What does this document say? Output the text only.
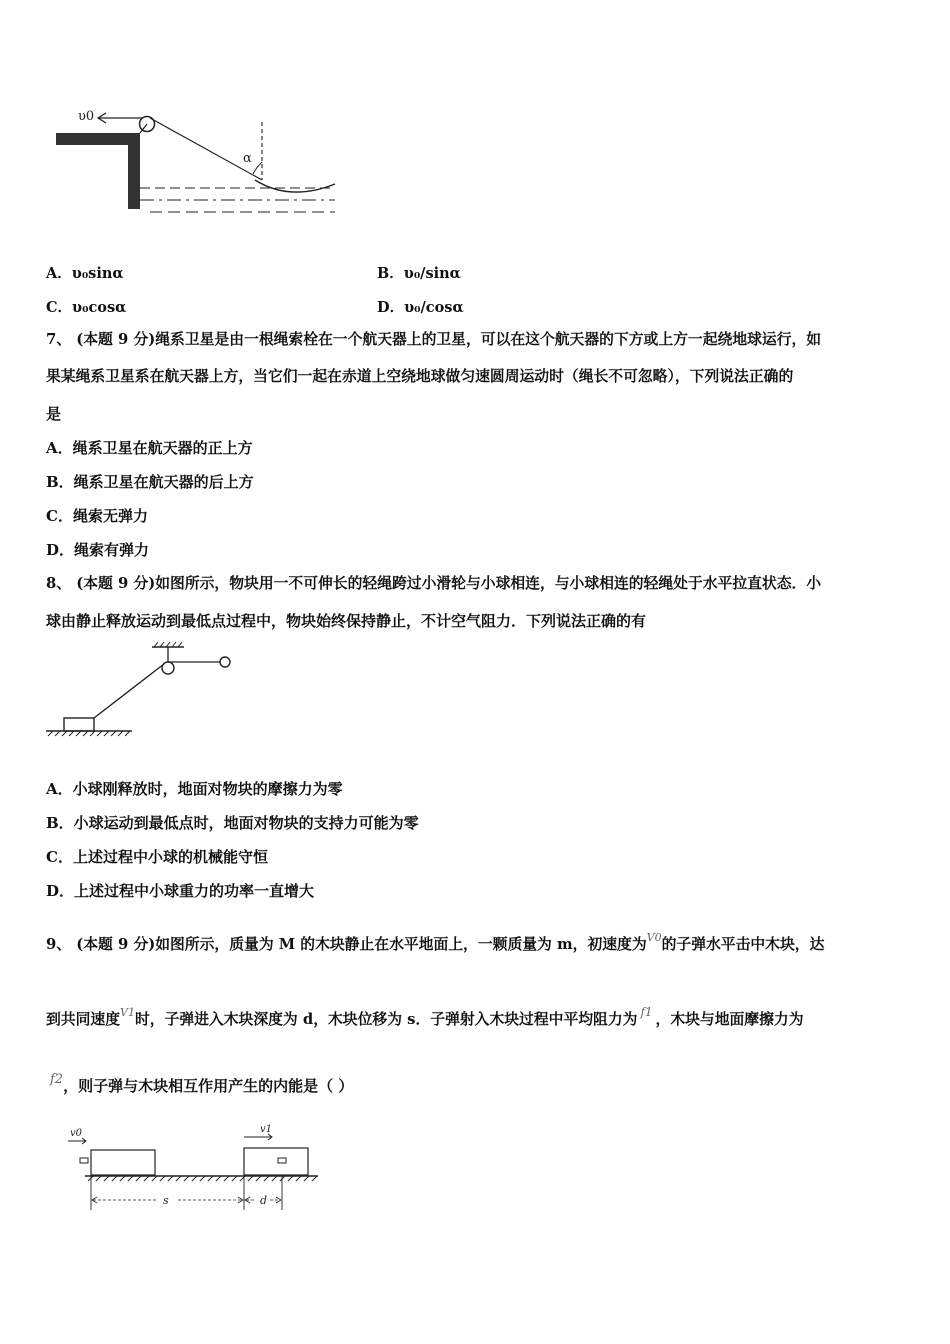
υ0
α
A．υ₀sinα	B．υ₀/sinα
C．υ₀cosα	D．υ₀/cosα
7、 (本题 9 分)绳系卫星是由一根绳索栓在一个航天器上的卫星，可以在这个航天器的下方或上方一起绕地球运行，如
果某绳系卫星系在航天器上方，当它们一起在赤道上空绕地球做匀速圆周运动时（绳长不可忽略），下列说法正确的
是
A．绳系卫星在航天器的正上方
B．绳系卫星在航天器的后上方
C．绳索无弹力
D．绳索有弹力
8、 (本题 9 分)如图所示，物块用一不可伸长的轻绳跨过小滑轮与小球相连，与小球相连的轻绳处于水平拉直状态．小
球由静止释放运动到最低点过程中，物块始终保持静止，不计空气阻力．下列说法正确的有
A．小球刚释放时，地面对物块的摩擦力为零
B．小球运动到最低点时，地面对物块的支持力可能为零
C．上述过程中小球的机械能守恒
D．上述过程中小球重力的功率一直增大
9、 (本题 9 分)如图所示，质量为 M 的木块静止在水平地面上，一颗质量为 m，初速度为$^{V0}$的子弹水平击中木块，达
到共同速度$^{V1}$时，子弹进入木块深度为 d，木块位移为 s．子弹射入木块过程中平均阻力为 $^{f1}$ ，木块与地面摩擦力为
f2，则子弹与木块相互作用产生的内能是（ ）
v0	v1
s	d
